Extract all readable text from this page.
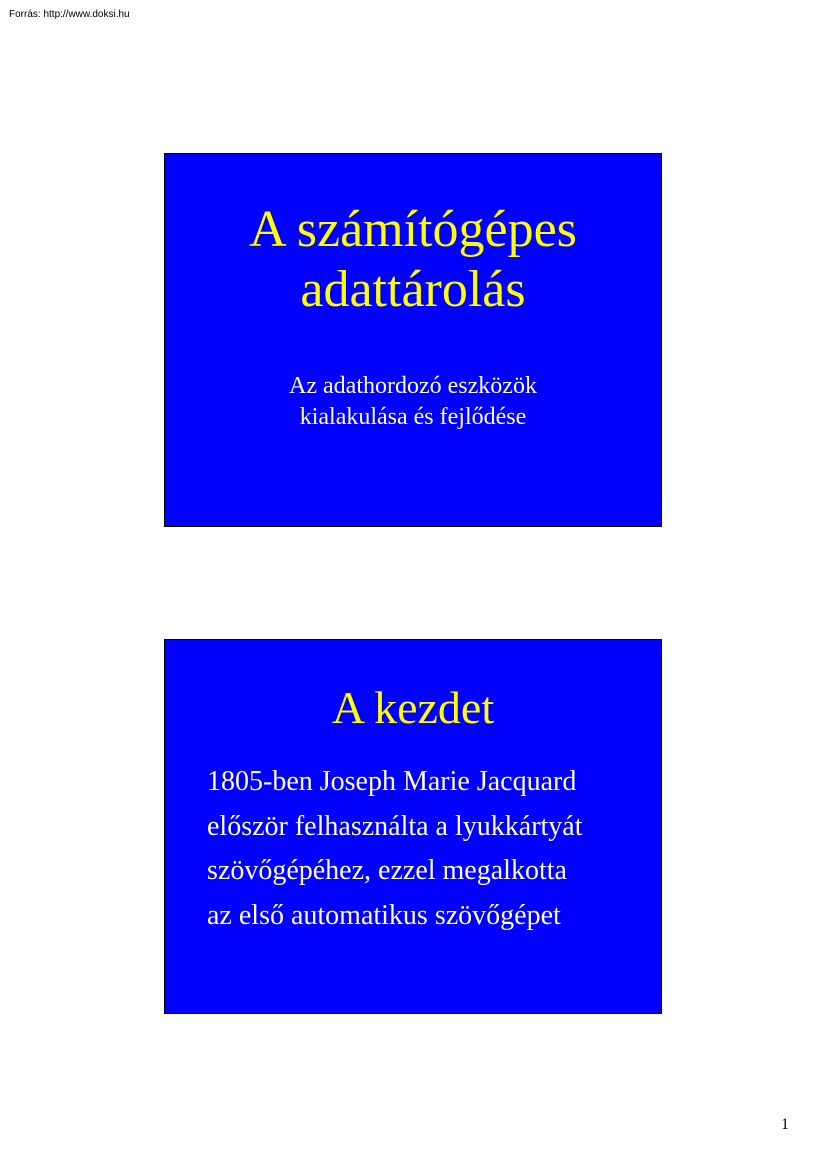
Forrás: http://www.doksi.hu
A számítógépes
adattárolás
Az adathordozó eszközök
kialakulása és fejlődése
A kezdet
1805-ben Joseph Marie Jacquard
először felhasználta a lyukkártyát
szövőgépéhez, ezzel megalkotta
az első automatikus szövőgépet
1
